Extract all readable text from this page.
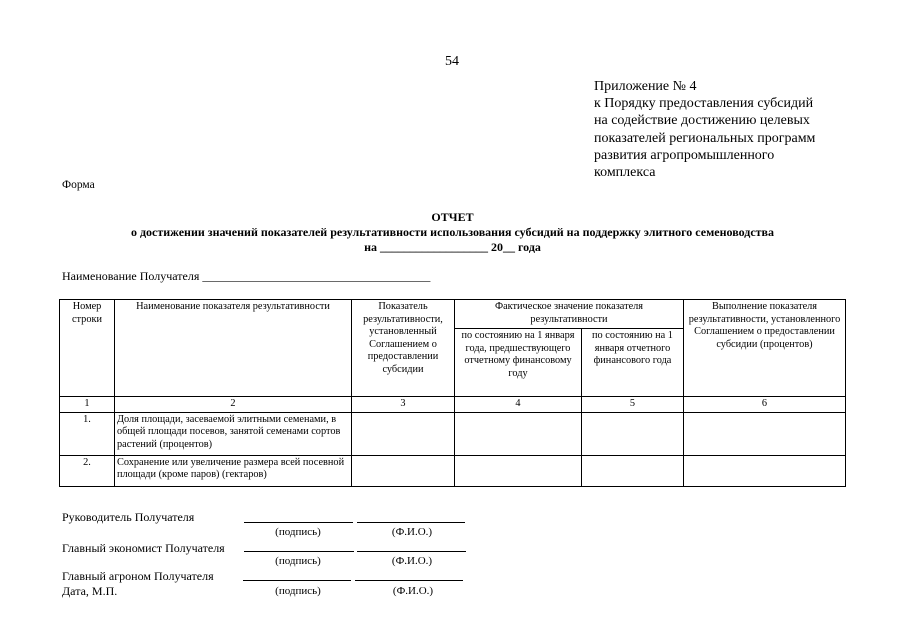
54
Приложение № 4
к Порядку предоставления субсидий
на содействие достижению целевых
показателей региональных программ
развития агропромышленного
комплекса
Форма
ОТЧЕТ
о достижении значений показателей результативности использования субсидий на поддержку элитного семеноводства
на __________________ 20__ года
Наименование Получателя ______________________________________
Номер строки	Наименование показателя результативности	Показатель результативности, установленный Соглашением о предоставлении субсидии	Фактическое значение показателя результативности		Выполнение показателя результативности, установленного Соглашением о предоставлении субсидии (процентов)
			по состоянию на 1 января года, предшествующего отчетному финансовому году	по состоянию на 1 января отчетного финансового года	
1	2	3	4	5	6
1.	Доля площади, засеваемой элитными семенами, в общей площади посевов, занятой семенами сортов растений (процентов)				
2.	Сохранение или увеличение размера всей посевной площади (кроме паров) (гектаров)				
Руководитель Получателя
(подпись)	(Ф.И.О.)
Главный экономист Получателя
(подпись)	(Ф.И.О.)
Главный агроном Получателя
Дата, М.П.	(подпись)	(Ф.И.О.)
